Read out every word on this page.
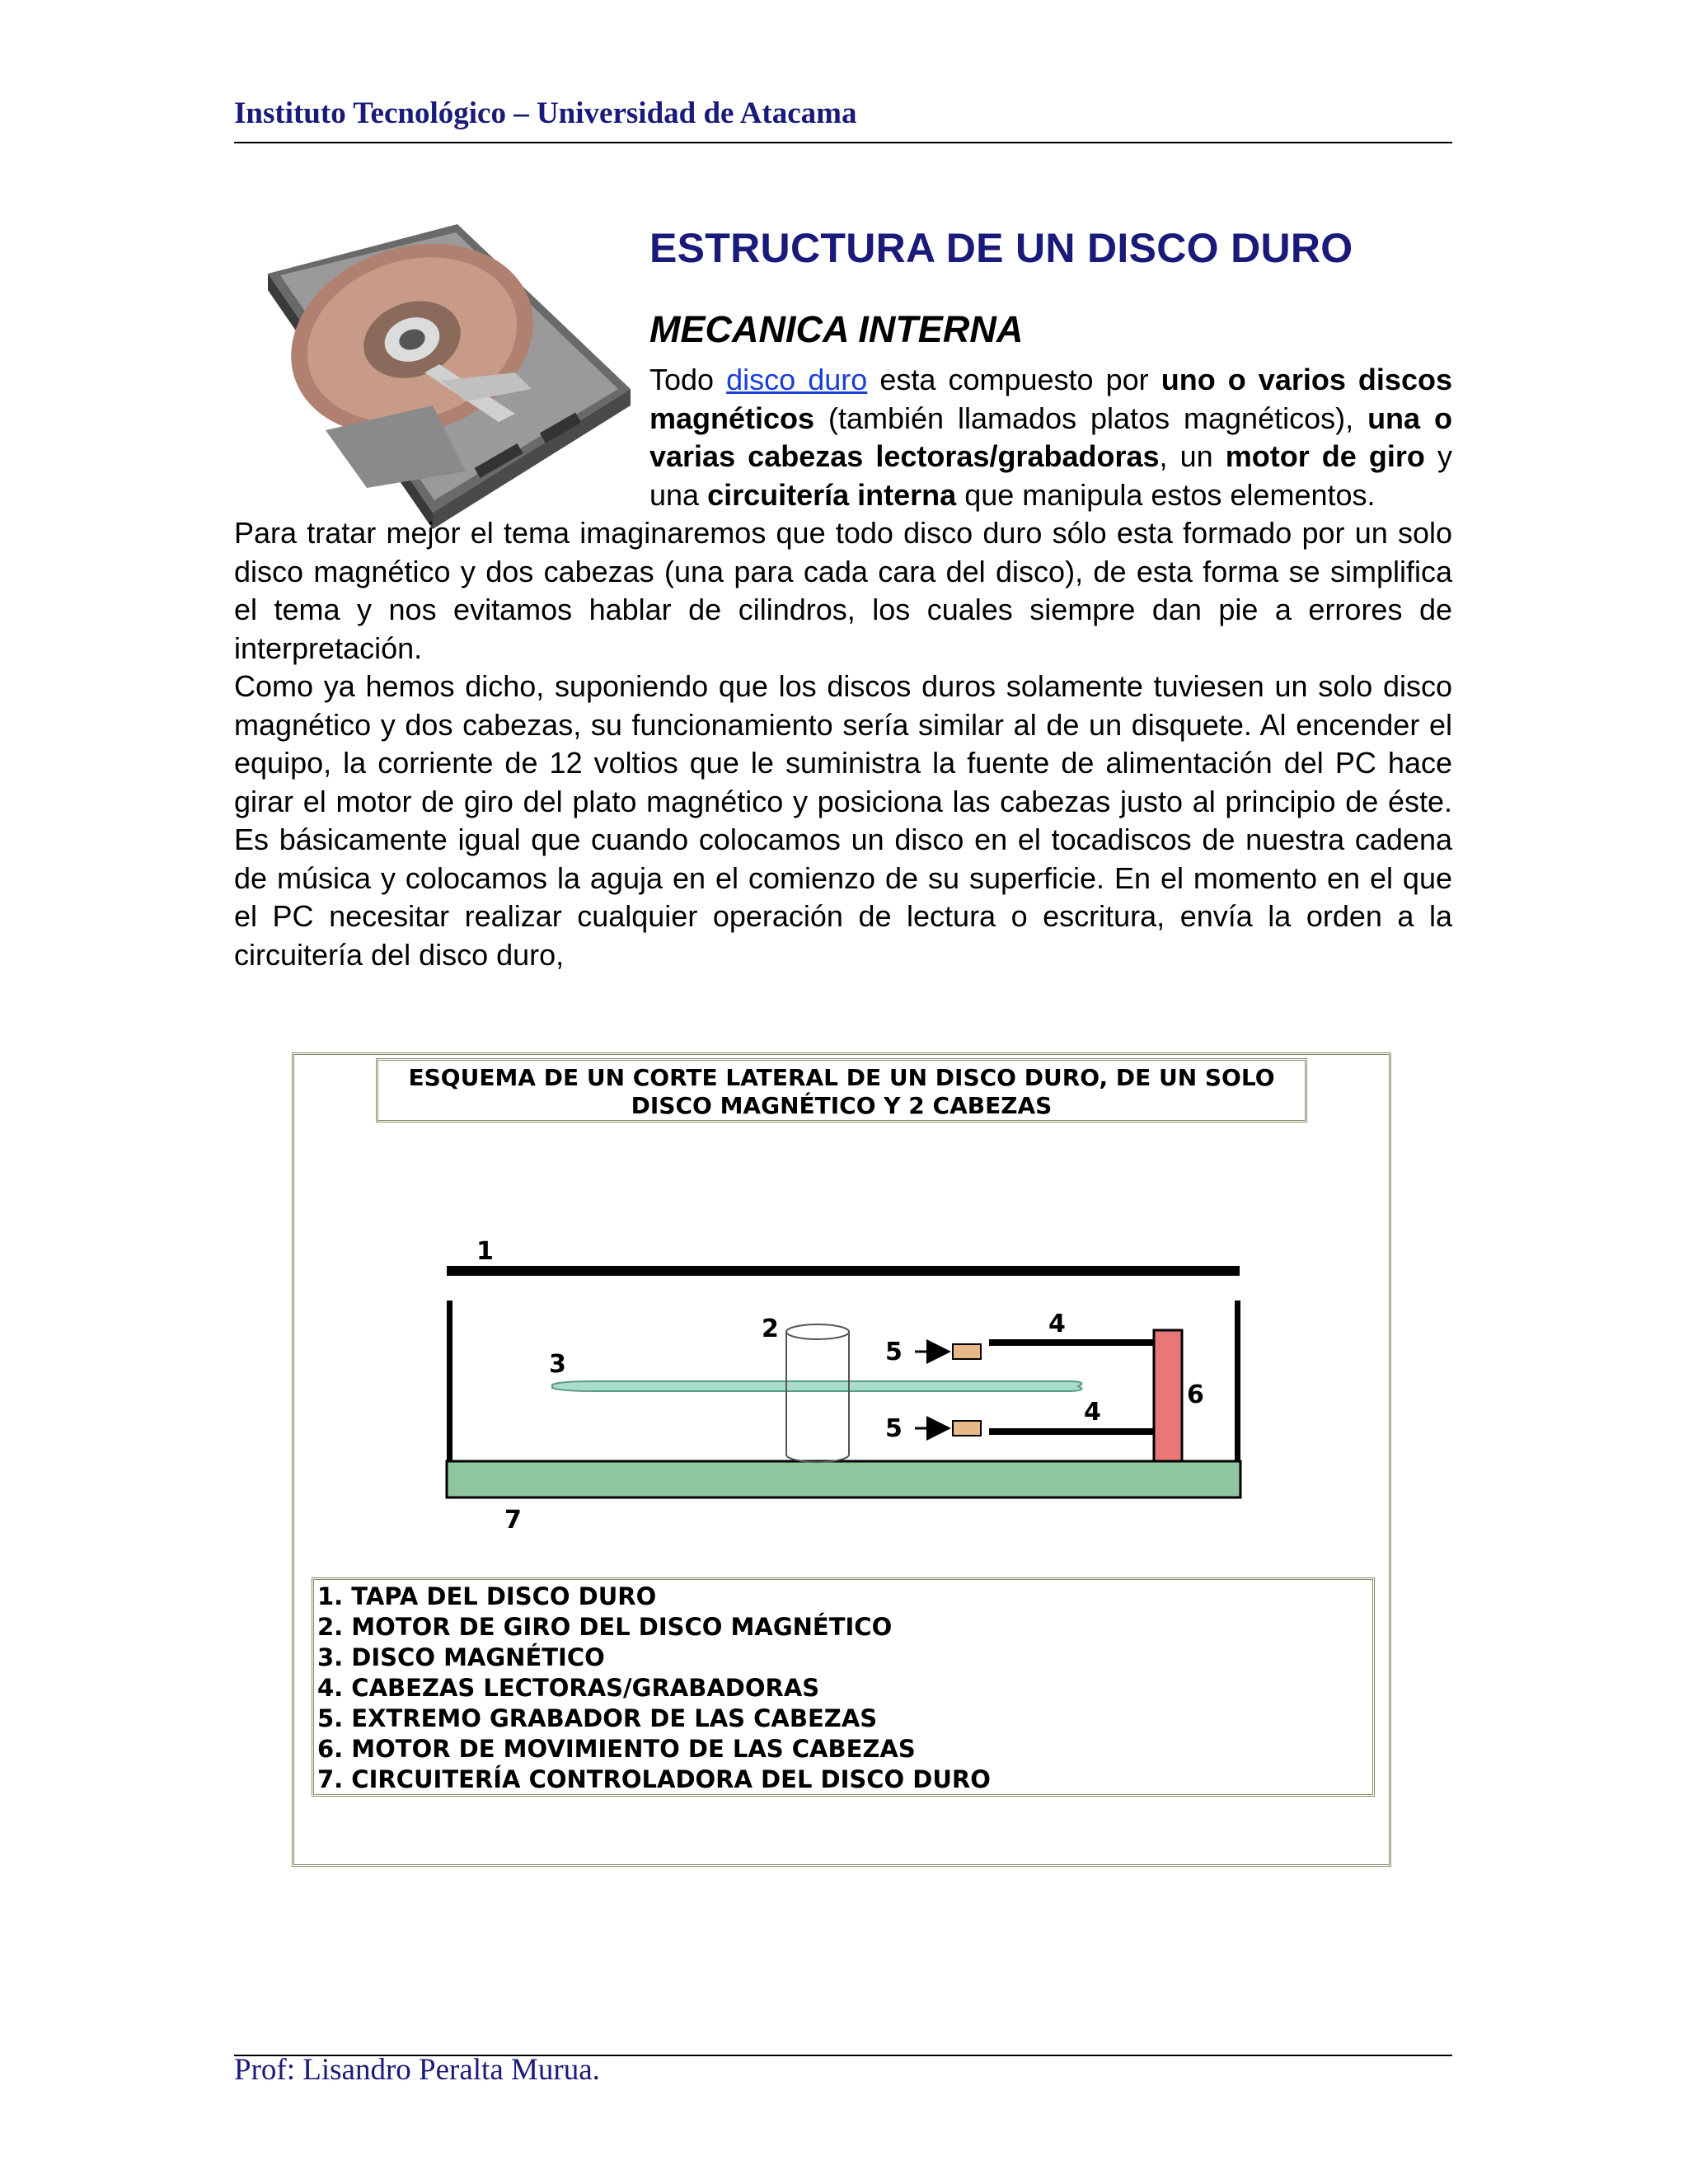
Instituto Tecnológico – Universidad de Atacama

ESTRUCTURA DE UN DISCO DURO
MECANICA INTERNA

Todo disco duro esta compuesto por uno o varios discos magnéticos (también llamados platos magnéticos), una o varias cabezas lectoras/grabadoras, un motor de giro y una circuitería interna que manipula estos elementos.

Para tratar mejor el tema imaginaremos que todo disco duro sólo esta formado por un solo disco magnético y dos cabezas (una para cada cara del disco), de esta forma se simplifica el tema y nos evitamos hablar de cilindros, los cuales siempre dan pie a errores de interpretación.

Como ya hemos dicho, suponiendo que los discos duros solamente tuviesen un solo disco magnético y dos cabezas, su funcionamiento sería similar al de un disquete. Al encender el equipo, la corriente de 12 voltios que le suministra la fuente de alimentación del PC hace girar el motor de giro del plato magnético y posiciona las cabezas justo al principio de éste. Es básicamente igual que cuando colocamos un disco en el tocadiscos de nuestra cadena de música y colocamos la aguja en el comienzo de su superficie. En el momento en el que el PC necesitar realizar cualquier operación de lectura o escritura, envía la orden a la circuitería del disco duro,

ESQUEMA DE UN CORTE LATERAL DE UN DISCO DURO, DE UN SOLO DISCO MAGNÉTICO Y 2 CABEZAS
1
2
3
4
4
5
5
6
7
1. TAPA DEL DISCO DURO
2. MOTOR DE GIRO DEL DISCO MAGNÉTICO
3. DISCO MAGNÉTICO
4. CABEZAS LECTORAS/GRABADORAS
5. EXTREMO GRABADOR DE LAS CABEZAS
6. MOTOR DE MOVIMIENTO DE LAS CABEZAS
7. CIRCUITERÍA CONTROLADORA DEL DISCO DURO

Prof: Lisandro Peralta Murua.
